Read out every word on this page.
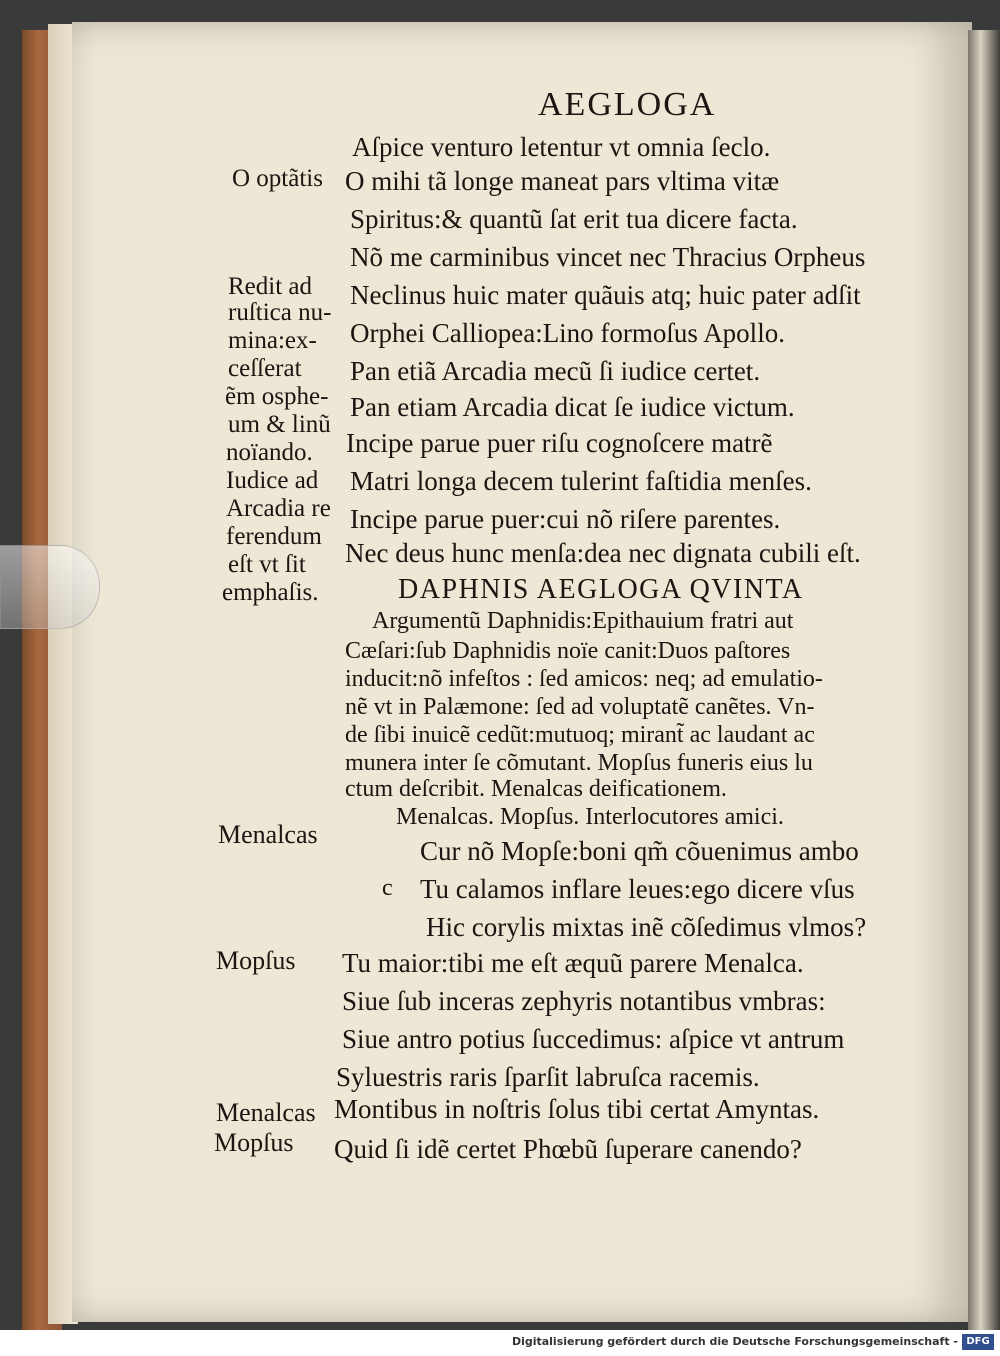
AEGLOGA
Aſpice venturo letentur vt omnia ſeclo.
O mihi tã longe maneat pars vltima vitæ
Spiritus:& quantũ ſat erit tua dicere facta.
Nõ me carminibus vincet nec Thracius Orpheus
Neclinus huic mater quãuis atq; huic pater adſit
Orphei Calliopea:Lino formoſus Apollo.
Pan etiã Arcadia mecũ ſi iudice certet.
Pan etiam Arcadia dicat ſe iudice victum.
Incipe parue puer riſu cognoſcere matrẽ
Matri longa decem tulerint faſtidia menſes.
Incipe parue puer:cui nõ riſere parentes.
Nec deus hunc menſa:dea nec dignata cubili eſt.
O optãtis
Redit ad
ruſtica nu-
mina:ex-
ceſſerat
ẽm osphe-
um & linũ
noïando.
Iudice ad
Arcadia re
ferendum
eſt vt ſit
emphaſis.	DAPHNIS AEGLOGA QVINTA
Argumentũ Daphnidis:Epithauium fratri aut
Cæſari:ſub Daphnidis noïe canit:Duos paſtores
inducit:nõ infeſtos : ſed amicos: neq; ad emulatio-
nẽ vt in Palæmone: ſed ad voluptatẽ canẽtes. Vn-
de ſibi inuicẽ cedũt:mutuoq; mirant̃ ac laudant ac
munera inter ſe cõmutant. Mopſus funeris eius lu
ctum deſcribit. Menalcas deificationem.
Menalcas. Mopſus. Interlocutores amici.
Menalcas
Cur nõ Mopſe:boni qm̃ cõuenimus ambo
c Tu calamos inflare leues:ego dicere vſus
Hic corylis mixtas inẽ cõſedimus vlmos?
Mopſus Tu maior:tibi me eſt æquũ parere Menalca.
Siue ſub inceras zephyris notantibus vmbras:
Siue antro potius ſuccedimus: aſpice vt antrum
Syluestris raris ſparſit labruſca racemis.
Menalcas Montibus in noſtris ſolus tibi certat Amyntas.
Mopſus Quid ſi idẽ certet Phœbũ ſuperare canendo?
Digitalisierung gefördert durch die Deutsche Forschungsgemeinschaft - DFG
